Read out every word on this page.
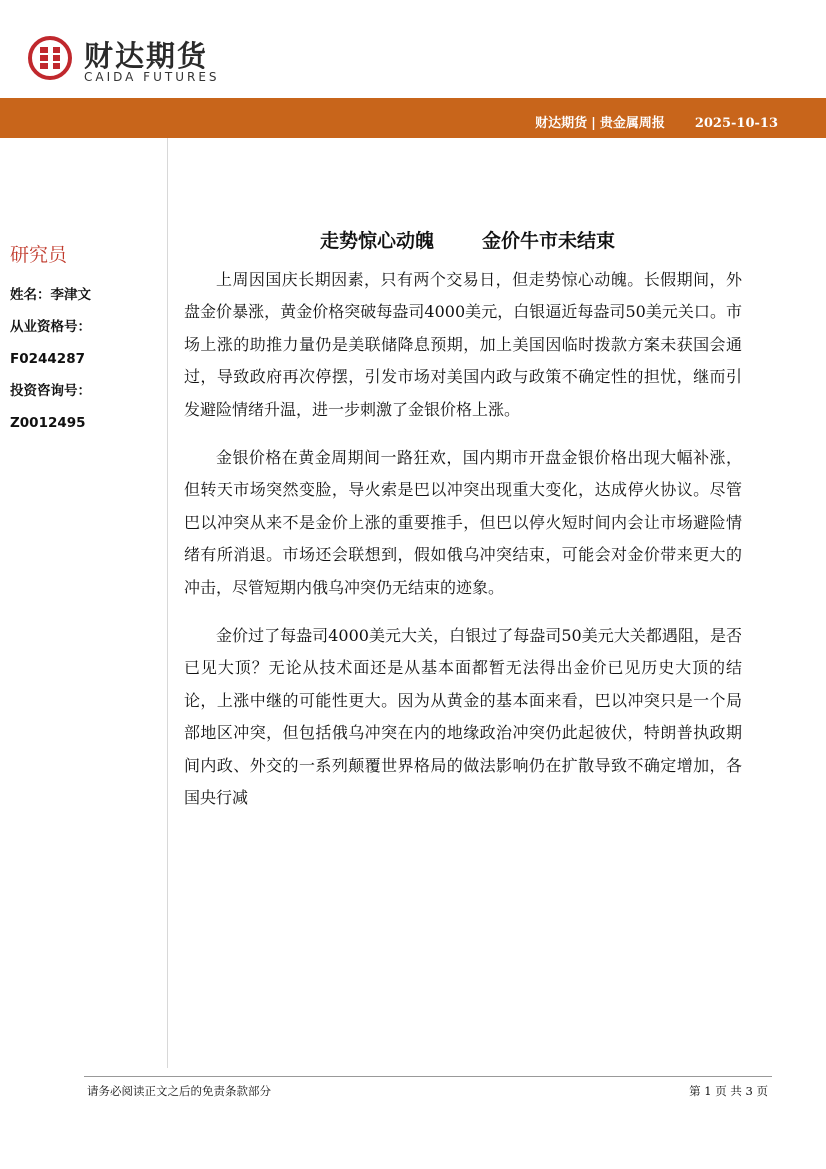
财达期货
CAIDA FUTURES
财达期货 | 贵金属周报 2025-10-13
研究员
姓名：李津文
从业资格号：
F0244287
投资咨询号：
Z0012495
走势惊心动魄	金价牛市未结束

上周因国庆长期因素，只有两个交易日，但走势惊心动魄。长假期间，外盘金价暴涨，黄金价格突破每盎司4000美元，白银逼近每盎司50美元关口。市场上涨的助推力量仍是美联储降息预期，加上美国因临时拨款方案未获国会通过，导致政府再次停摆，引发市场对美国内政与政策不确定性的担忧，继而引发避险情绪升温，进一步刺激了金银价格上涨。

金银价格在黄金周期间一路狂欢，国内期市开盘金银价格出现大幅补涨，但转天市场突然变脸，导火索是巴以冲突出现重大变化，达成停火协议。尽管巴以冲突从来不是金价上涨的重要推手，但巴以停火短时间内会让市场避险情绪有所消退。市场还会联想到，假如俄乌冲突结束，可能会对金价带来更大的冲击，尽管短期内俄乌冲突仍无结束的迹象。

金价过了每盎司4000美元大关，白银过了每盎司50美元大关都遇阻，是否已见大顶？无论从技术面还是从基本面都暂无法得出金价已见历史大顶的结论，上涨中继的可能性更大。因为从黄金的基本面来看，巴以冲突只是一个局部地区冲突，但包括俄乌冲突在内的地缘政治冲突仍此起彼伏，特朗普执政期间内政、外交的一系列颠覆世界格局的做法影响仍在扩散导致不确定增加，各国央行减

请务必阅读正文之后的免责条款部分	第 1 页 共 3 页
